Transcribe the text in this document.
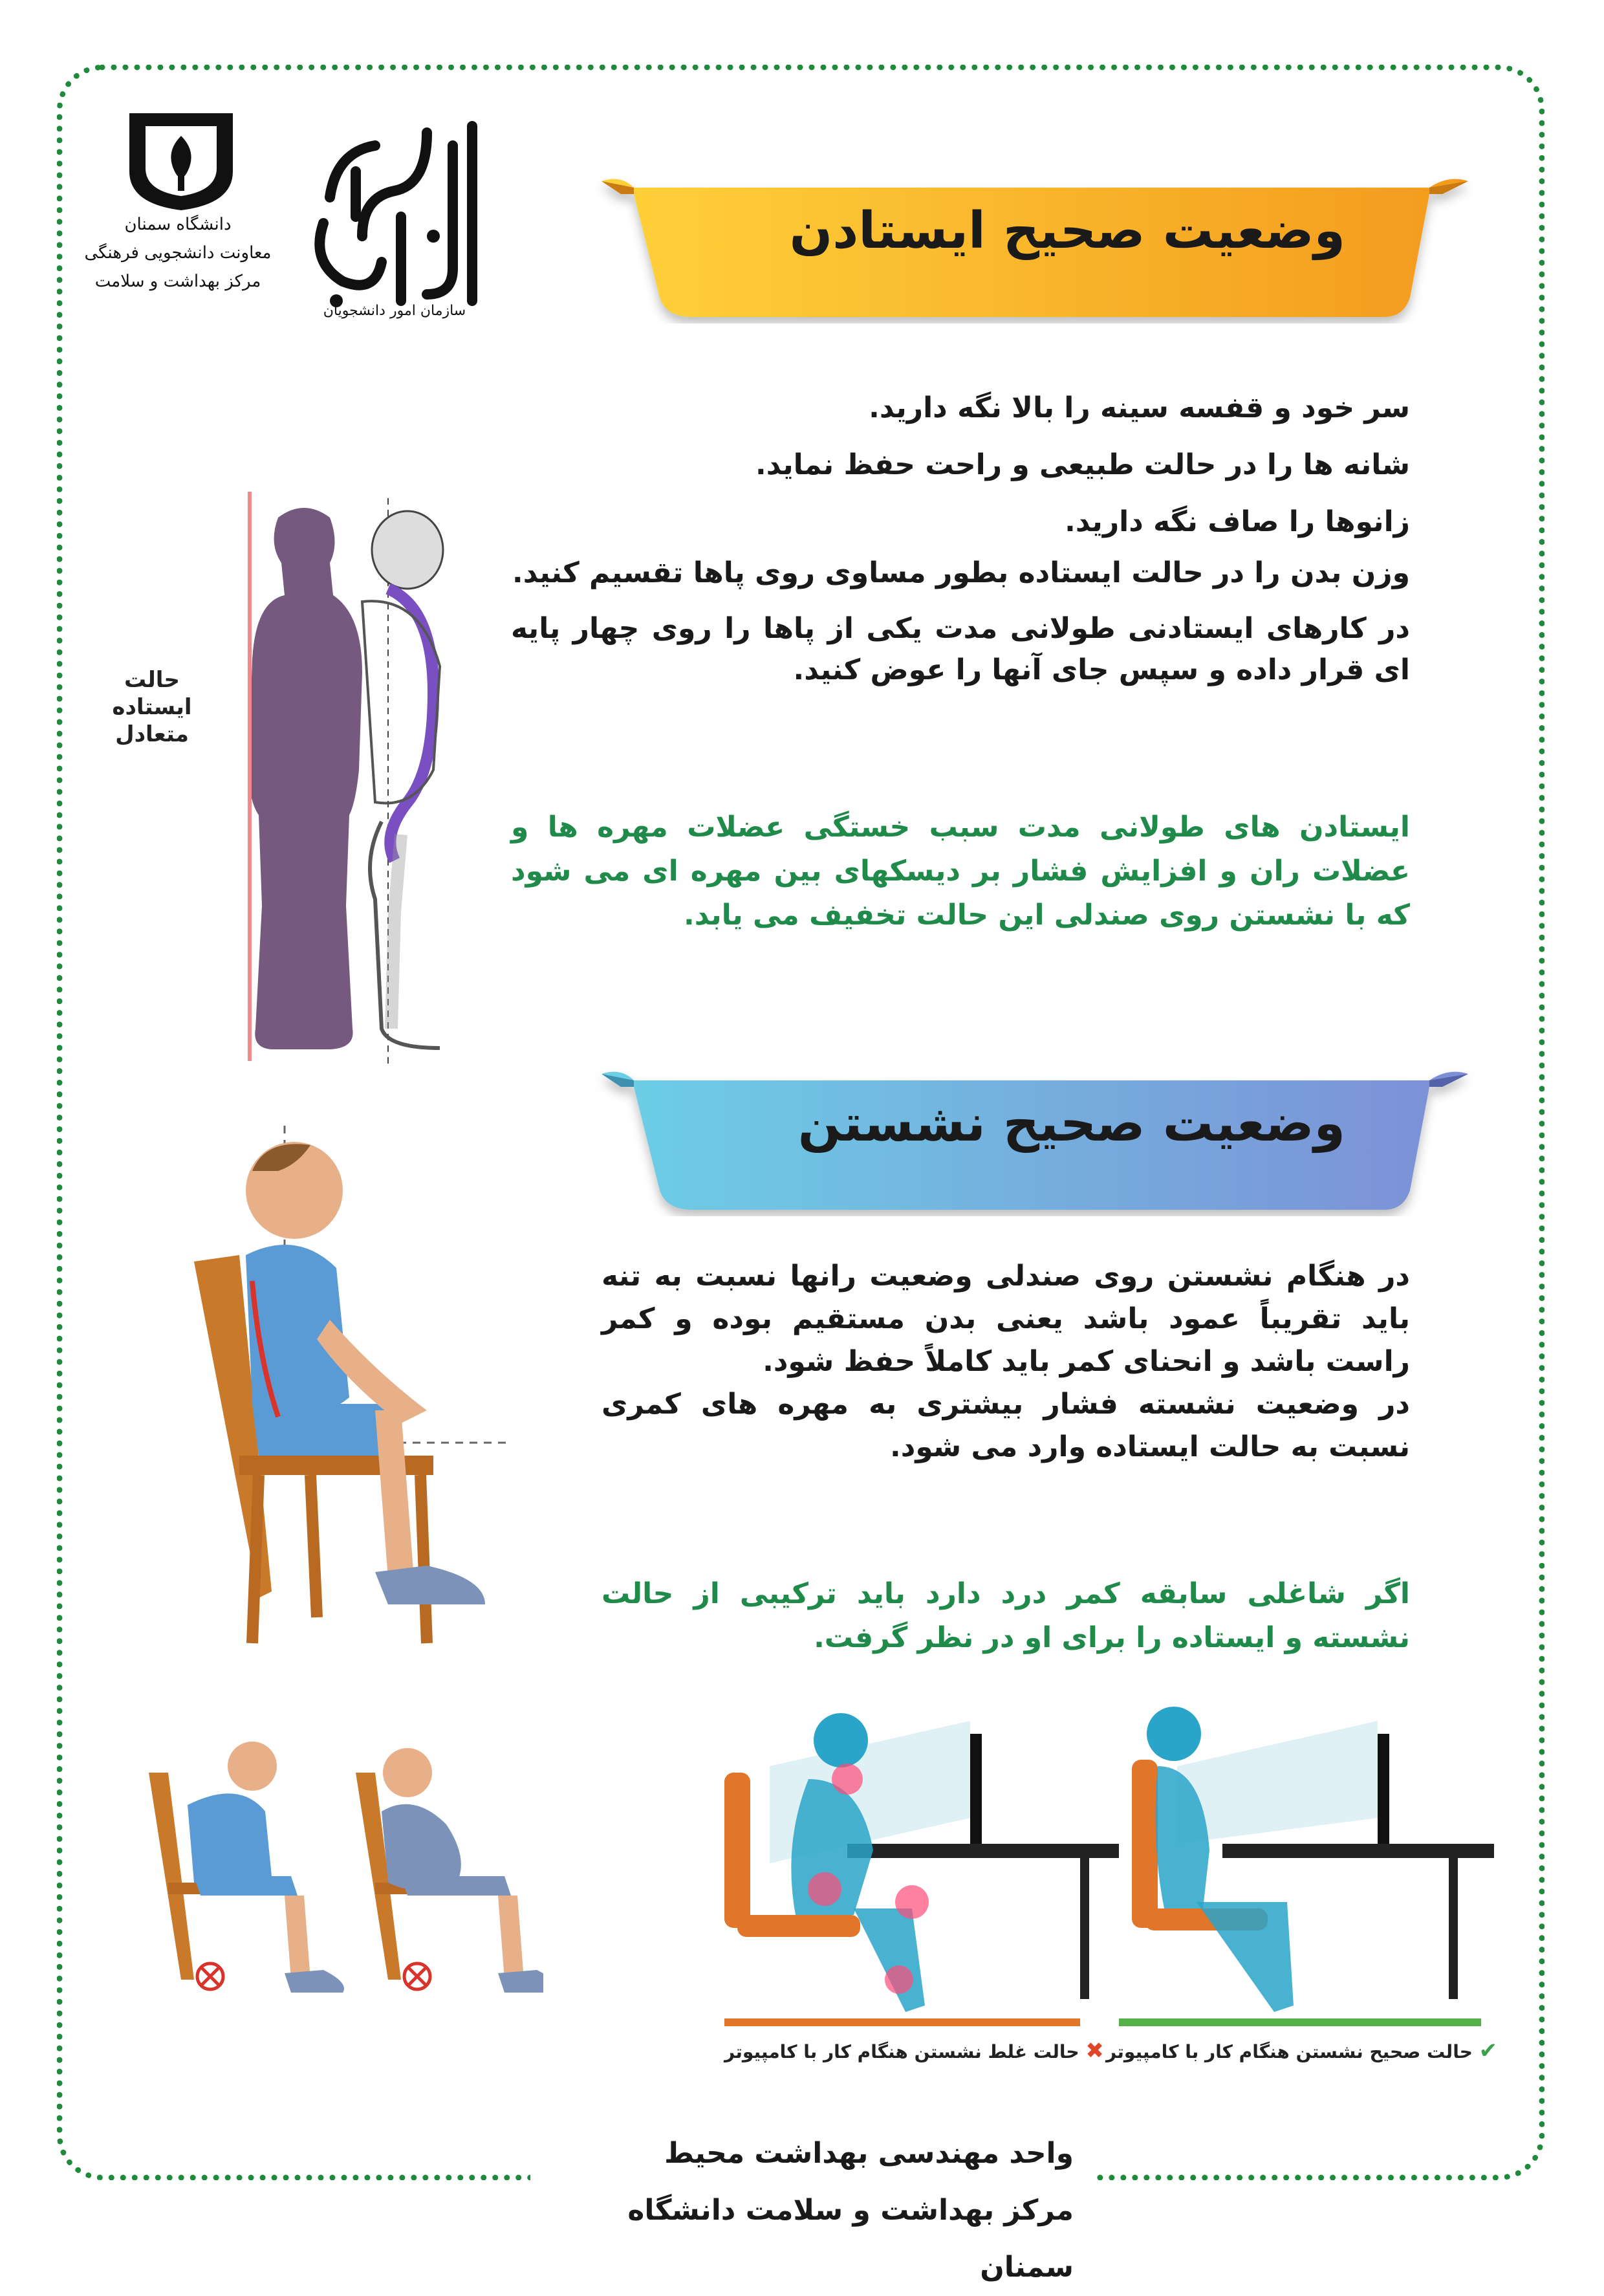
دانشگاه سمنان
معاونت دانشجویی فرهنگی
مرکز بهداشت و سلامت
سازمان امور دانشجویان
وضعیت صحیح ایستادن
حالت ایستاده متعادل

سر خود و قفسه سینه را بالا نگه دارید.

شانه ها را در حالت طبیعی و راحت حفظ نماید.

زانوها را صاف نگه دارید.

وزن بدن را در حالت ایستاده بطور مساوی روی پاها تقسیم کنید.

در کارهای ایستادنی طولانی مدت یکی از پاها را روی چهار پایه ای قرار داده و سپس جای آنها را عوض کنید.

ایستادن های طولانی مدت سبب خستگی عضلات مهره ها و عضلات ران و افزایش فشار بر دیسکهای بین مهره ای می شود که با نشستن روی صندلی این حالت تخفیف می یابد.
وضعیت صحیح نشستن

در هنگام نشستن روی صندلی وضعیت رانها نسبت به تنه باید تقریباً عمود باشد یعنی بدن مستقیم بوده و کمر راست باشد و انحنای کمر باید کاملاً حفظ شود.

در وضعیت نشسته فشار بیشتری به مهره های کمری نسبت به حالت ایستاده وارد می شود.

اگر شاغلی سابقه کمر درد دارد باید ترکیبی از حالت نشسته و ایستاده را برای او در نظر گرفت.
✖ حالت غلط نشستن هنگام کار با کامپیوتر	✔ حالت صحیح نشستن هنگام کار با کامپیوتر
واحد مهندسی بهداشت محیط
مرکز بهداشت و سلامت دانشگاه سمنان
